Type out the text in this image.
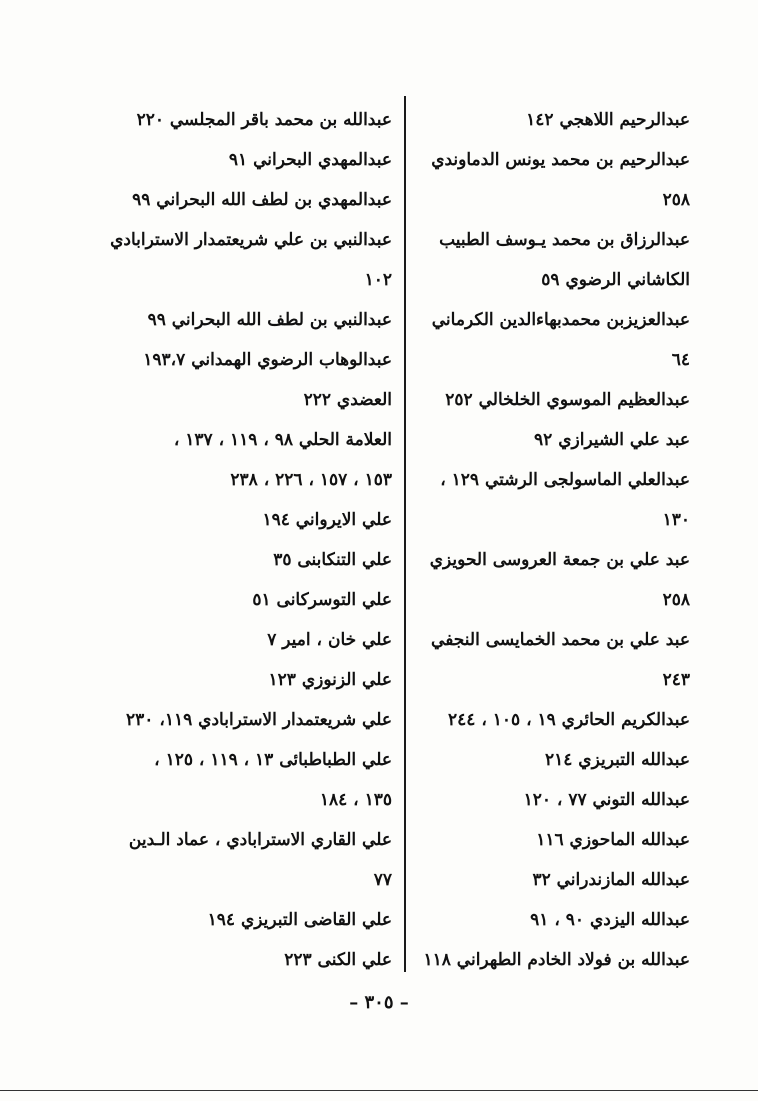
عبدالرحيم اللاهجي ١٤٢
عبدالرحيم بن محمد يونس الدماوندي
٢٥٨
عبدالرزاق بن محمد يـوسف الطبيب
الكاشاني الرضوي ٥٩
عبدالعزيزبن محمدبهاءالدين الكرماني
٦٤
عبدالعظيم الموسوي الخلخالي ٢٥٢
عبد علي الشيرازي ٩٢
عبدالعلي الماسولجى الرشتي ١٢٩ ،
١٣٠
عبد علي بن جمعة العروسى الحويزي
٢٥٨
عبد علي بن محمد الخمايسى النجفي
٢٤٣
عبدالكريم الحائري ١٩ ، ١٠٥ ، ٢٤٤
عبدالله التبريزي ٢١٤
عبدالله التوني ٧٧ ، ١٢٠
عبدالله الماحوزي ١١٦
عبدالله المازندراني ٣٢
عبدالله اليزدي ٩٠ ، ٩١
عبدالله بن فولاد الخادم الطهراني ١١٨
عبدالله بن محمد باقر المجلسي ٢٢٠
عبدالمهدي البحراني ٩١
عبدالمهدي بن لطف الله البحراني ٩٩
عبدالنبي بن علي شريعتمدار الاسترابادي
١٠٢
عبدالنبي بن لطف الله البحراني ٩٩
عبدالوهاب الرضوي الهمداني ١٩٣،٧
العضدي ٢٢٢
العلامة الحلي ٩٨ ، ١١٩ ، ١٣٧ ،
١٥٣ ، ١٥٧ ، ٢٢٦ ، ٢٣٨
علي الايرواني ١٩٤
علي التنكابنى ٣٥
علي التوسركانى ٥١
علي خان ، امير ٧
علي الزنوزي ١٢٣
علي شريعتمدار الاسترابادي ١١٩، ٢٣٠
علي الطباطبائى ١٣ ، ١١٩ ، ١٢٥ ،
١٣٥ ، ١٨٤
علي القاري الاسترابادي ، عماد الـدين
٧٧
علي القاضى التبريزي ١٩٤
علي الكنى ٢٢٣
– ٣٠٥ –
